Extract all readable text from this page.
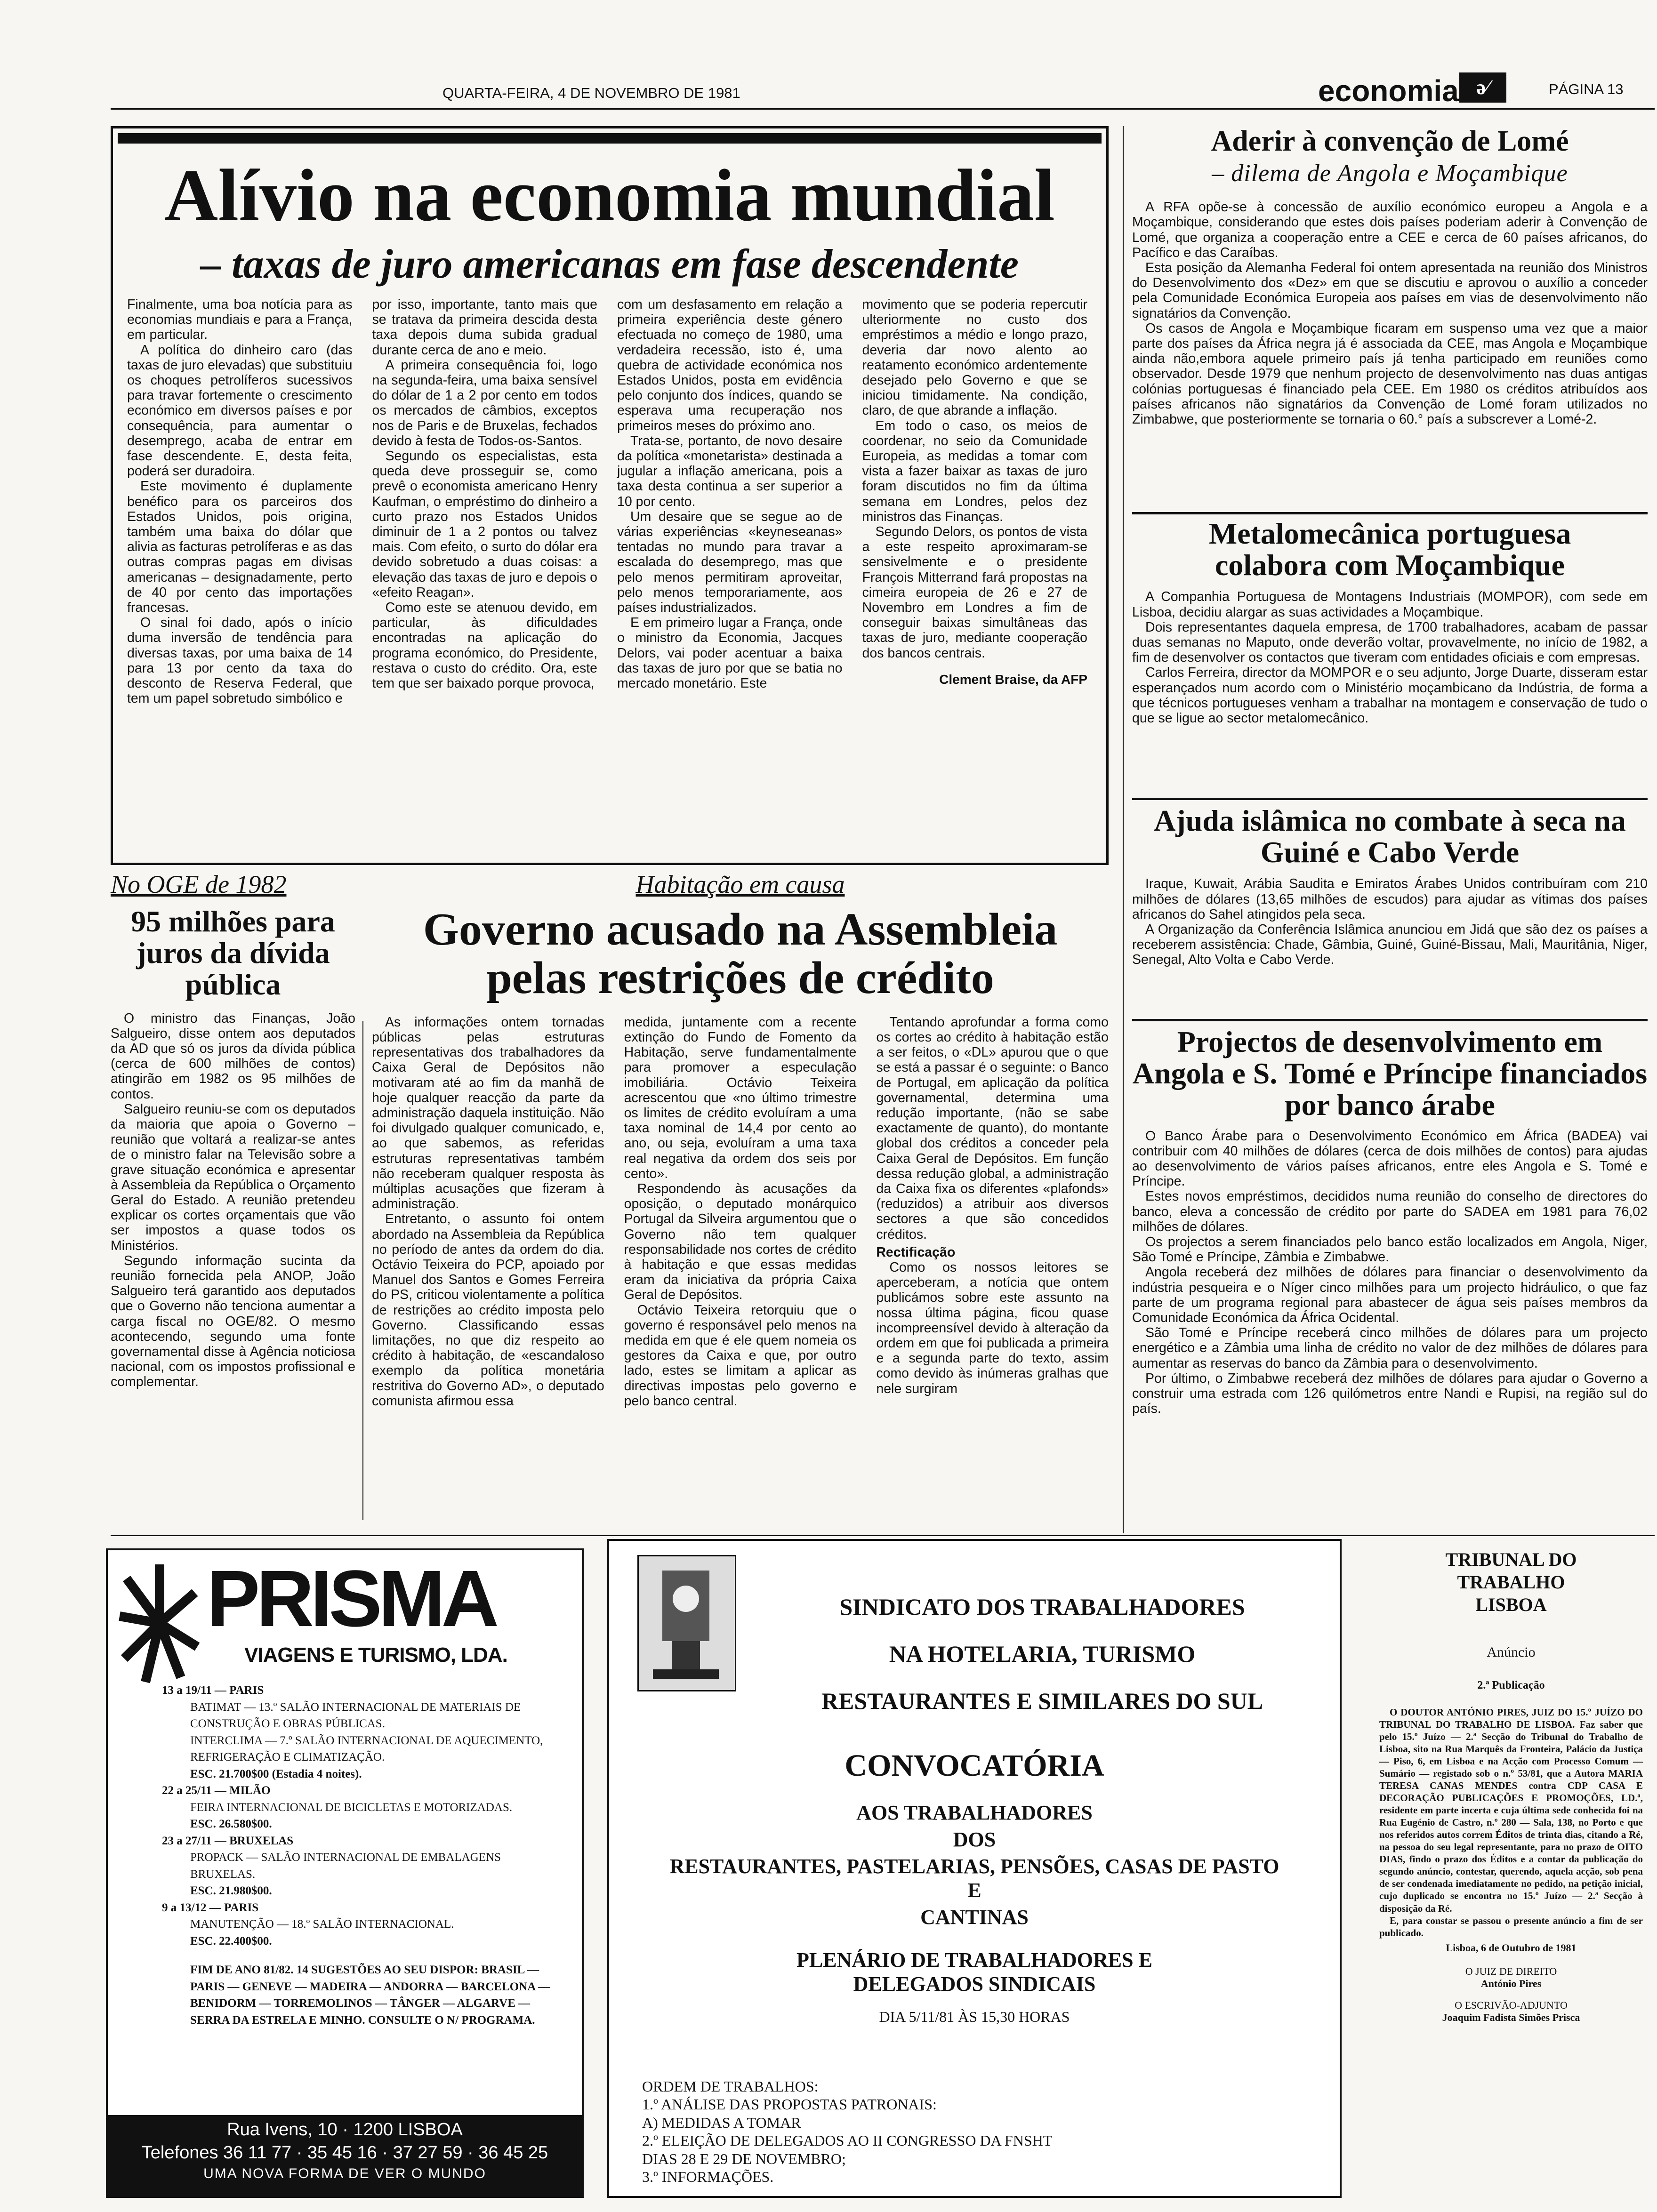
QUARTA-FEIRA, 4 DE NOVEMBRO DE 1981	economia ə⁄	PÁGINA 13
Alívio na economia mundial
– taxas de juro americanas em fase descendente

Finalmente, uma boa notícia para as economias mundiais e para a França, em particular.

A política do dinheiro caro (das taxas de juro elevadas) que substituiu os choques petrolíferos sucessivos para travar fortemente o crescimento económico em diversos países e por consequência, para aumentar o desemprego, acaba de entrar em fase descendente. E, desta feita, poderá ser duradoira.

Este movimento é duplamente benéfico para os parceiros dos Estados Unidos, pois origina, também uma baixa do dólar que alivia as facturas petrolíferas e as das outras compras pagas em divisas americanas – designadamente, perto de 40 por cento das importações francesas.

O sinal foi dado, após o início duma inversão de tendência para diversas taxas, por uma baixa de 14 para 13 por cento da taxa do desconto de Reserva Federal, que tem um papel sobretudo simbólico e

por isso, importante, tanto mais que se tratava da primeira descida desta taxa depois duma subida gradual durante cerca de ano e meio.

A primeira consequência foi, logo na segunda-feira, uma baixa sensível do dólar de 1 a 2 por cento em todos os mercados de câmbios, exceptos nos de Paris e de Bruxelas, fechados devido à festa de Todos-os-Santos.

Segundo os especialistas, esta queda deve prosseguir se, como prevê o economista americano Henry Kaufman, o empréstimo do dinheiro a curto prazo nos Estados Unidos diminuir de 1 a 2 pontos ou talvez mais. Com efeito, o surto do dólar era devido sobretudo a duas coisas: a elevação das taxas de juro e depois o «efeito Reagan».

Como este se atenuou devido, em particular, às dificuldades encontradas na aplicação do programa económico, do Presidente, restava o custo do crédito. Ora, este tem que ser baixado porque provoca,

com um desfasamento em relação a primeira experiência deste género efectuada no começo de 1980, uma verdadeira recessão, isto é, uma quebra de actividade económica nos Estados Unidos, posta em evidência pelo conjunto dos índices, quando se esperava uma recuperação nos primeiros meses do próximo ano.

Trata-se, portanto, de novo desaire da política «monetarista» destinada a jugular a inflação americana, pois a taxa desta continua a ser superior a 10 por cento.

Um desaire que se segue ao de várias experiências «keyneseanas» tentadas no mundo para travar a escalada do desemprego, mas que pelo menos permitiram aproveitar, pelo menos temporariamente, aos países industrializados.

E em primeiro lugar a França, onde o ministro da Economia, Jacques Delors, vai poder acentuar a baixa das taxas de juro por que se batia no mercado monetário. Este

movimento que se poderia repercutir ulteriormente no custo dos empréstimos a médio e longo prazo, deveria dar novo alento ao reatamento económico ardentemente desejado pelo Governo e que se iniciou timidamente. Na condição, claro, de que abrande a inflação.

Em todo o caso, os meios de coordenar, no seio da Comunidade Europeia, as medidas a tomar com vista a fazer baixar as taxas de juro foram discutidos no fim da última semana em Londres, pelos dez ministros das Finanças.

Segundo Delors, os pontos de vista a este respeito aproximaram-se sensivelmente e o presidente François Mitterrand fará propostas na cimeira europeia de 26 e 27 de Novembro em Londres a fim de conseguir baixas simultâneas das taxas de juro, mediante cooperação dos bancos centrais.

Clement Braise, da AFP

No OGE de 1982
95 milhões para juros da dívida pública

O ministro das Finanças, João Salgueiro, disse ontem aos deputados da AD que só os juros da dívida pública (cerca de 600 milhões de contos) atingirão em 1982 os 95 milhões de contos.

Salgueiro reuniu-se com os deputados da maioria que apoia o Governo – reunião que voltará a realizar-se antes de o ministro falar na Televisão sobre a grave situação económica e apresentar à Assembleia da República o Orçamento Geral do Estado. A reunião pretendeu explicar os cortes orçamentais que vão ser impostos a quase todos os Ministérios.

Segundo informação sucinta da reunião fornecida pela ANOP, João Salgueiro terá garantido aos deputados que o Governo não tenciona aumentar a carga fiscal no OGE/82. O mesmo acontecendo, segundo uma fonte governamental disse à Agência noticiosa nacional, com os impostos profissional e complementar.

Habitação em causa
Governo acusado na Assembleia pelas restrições de crédito

As informações ontem tornadas públicas pelas estruturas representativas dos trabalhadores da Caixa Geral de Depósitos não motivaram até ao fim da manhã de hoje qualquer reacção da parte da administração daquela instituição. Não foi divulgado qualquer comunicado, e, ao que sabemos, as referidas estruturas representativas também não receberam qualquer resposta às múltiplas acusações que fizeram à administração.

Entretanto, o assunto foi ontem abordado na Assembleia da República no período de antes da ordem do dia. Octávio Teixeira do PCP, apoiado por Manuel dos Santos e Gomes Ferreira do PS, criticou violentamente a política de restrições ao crédito imposta pelo Governo. Classificando essas limitações, no que diz respeito ao crédito à habitação, de «escandaloso exemplo da política monetária restritiva do Governo AD», o deputado comunista afirmou essa

medida, juntamente com a recente extinção do Fundo de Fomento da Habitação, serve fundamentalmente para promover a especulação imobiliária. Octávio Teixeira acrescentou que «no último trimestre os limites de crédito evoluíram a uma taxa nominal de 14,4 por cento ao ano, ou seja, evoluíram a uma taxa real negativa da ordem dos seis por cento».

Respondendo às acusações da oposição, o deputado monárquico Portugal da Silveira argumentou que o Governo não tem qualquer responsabilidade nos cortes de crédito à habitação e que essas medidas eram da iniciativa da própria Caixa Geral de Depósitos.

Octávio Teixeira retorquiu que o governo é responsável pelo menos na medida em que é ele quem nomeia os gestores da Caixa e que, por outro lado, estes se limitam a aplicar as directivas impostas pelo governo e pelo banco central.

Tentando aprofundar a forma como os cortes ao crédito à habitação estão a ser feitos, o «DL» apurou que o que se está a passar é o seguinte: o Banco de Portugal, em aplicação da política governamental, determina uma redução importante, (não se sabe exactamente de quanto), do montante global dos créditos a conceder pela Caixa Geral de Depósitos. Em função dessa redução global, a administração da Caixa fixa os diferentes «plafonds» (reduzidos) a atribuir aos diversos sectores a que são concedidos créditos.

Rectificação

Como os nossos leitores se aperceberam, a notícia que ontem publicámos sobre este assunto na nossa última página, ficou quase incompreensível devido à alteração da ordem em que foi publicada a primeira e a segunda parte do texto, assim como devido às inúmeras gralhas que nele surgiram

Aderir à convenção de Lomé
– dilema de Angola e Moçambique

A RFA opõe-se à concessão de auxílio económico europeu a Angola e a Moçambique, considerando que estes dois países poderiam aderir à Convenção de Lomé, que organiza a cooperação entre a CEE e cerca de 60 países africanos, do Pacífico e das Caraíbas.

Esta posição da Alemanha Federal foi ontem apresentada na reunião dos Ministros do Desenvolvimento dos «Dez» em que se discutiu e aprovou o auxílio a conceder pela Comunidade Económica Europeia aos países em vias de desenvolvimento não signatários da Convenção.

Os casos de Angola e Moçambique ficaram em suspenso uma vez que a maior parte dos países da África negra já é associada da CEE, mas Angola e Moçambique ainda não,embora aquele primeiro país já tenha participado em reuniões como observador. Desde 1979 que nenhum projecto de desenvolvimento nas duas antigas colónias portuguesas é financiado pela CEE. Em 1980 os créditos atribuídos aos países africanos não signatários da Convenção de Lomé foram utilizados no Zimbabwe, que posteriormente se tornaria o 60.° país a subscrever a Lomé-2.

Metalomecânica portuguesa colabora com Moçambique

A Companhia Portuguesa de Montagens Industriais (MOMPOR), com sede em Lisboa, decidiu alargar as suas actividades a Moçambique.

Dois representantes daquela empresa, de 1700 trabalhadores, acabam de passar duas semanas no Maputo, onde deverão voltar, provavelmente, no início de 1982, a fim de desenvolver os contactos que tiveram com entidades oficiais e com empresas.

Carlos Ferreira, director da MOMPOR e o seu adjunto, Jorge Duarte, disseram estar esperançados num acordo com o Ministério moçambicano da Indústria, de forma a que técnicos portugueses venham a trabalhar na montagem e conservação de tudo o que se ligue ao sector metalomecânico.

Ajuda islâmica no combate à seca na Guiné e Cabo Verde

Iraque, Kuwait, Arábia Saudita e Emiratos Árabes Unidos contribuíram com 210 milhões de dólares (13,65 milhões de escudos) para ajudar as vítimas dos países africanos do Sahel atingidos pela seca.

A Organização da Conferência Islâmica anunciou em Jidá que são dez os países a receberem assistência: Chade, Gâmbia, Guiné, Guiné-Bissau, Mali, Mauritânia, Niger, Senegal, Alto Volta e Cabo Verde.

Projectos de desenvolvimento em Angola e S. Tomé e Príncipe financiados por banco árabe

O Banco Árabe para o Desenvolvimento Económico em África (BADEA) vai contribuir com 40 milhões de dólares (cerca de dois milhões de contos) para ajudas ao desenvolvimento de vários países africanos, entre eles Angola e S. Tomé e Príncipe.

Estes novos empréstimos, decididos numa reunião do conselho de directores do banco, eleva a concessão de crédito por parte do SADEA em 1981 para 76,02 milhões de dólares.

Os projectos a serem financiados pelo banco estão localizados em Angola, Niger, São Tomé e Príncipe, Zâmbia e Zimbabwe.

Angola receberá dez milhões de dólares para financiar o desenvolvimento da indústria pesqueira e o Níger cinco milhões para um projecto hidráulico, o que faz parte de um programa regional para abastecer de água seis países membros da Comunidade Económica da África Ocidental.

São Tomé e Príncipe receberá cinco milhões de dólares para um projecto energético e a Zâmbia uma linha de crédito no valor de dez milhões de dólares para aumentar as reservas do banco da Zâmbia para o desenvolvimento.

Por último, o Zimbabwe receberá dez milhões de dólares para ajudar o Governo a construir uma estrada com 126 quilómetros entre Nandi e Rupisi, na região sul do país.

PRISMA
VIAGENS E TURISMO, LDA.
13 a 19/11 — PARIS
BATIMAT — 13.º SALÃO INTERNACIONAL DE MATERIAIS DE CONSTRUÇÃO E OBRAS PÚBLICAS.
INTERCLIMA — 7.º SALÃO INTERNACIONAL DE AQUECIMENTO, REFRIGERAÇÃO E CLIMATIZAÇÃO.
ESC. 21.700$00 (Estadia 4 noites).
22 a 25/11 — MILÃO
FEIRA INTERNACIONAL DE BICICLETAS E MOTORIZADAS.
ESC. 26.580$00.
23 a 27/11 — BRUXELAS
PROPACK — SALÃO INTERNACIONAL DE EMBALAGENS BRUXELAS.
ESC. 21.980$00.
9 a 13/12 — PARIS
MANUTENÇÃO — 18.º SALÃO INTERNACIONAL.
ESC. 22.400$00.
FIM DE ANO 81/82. 14 SUGESTÕES AO SEU DISPOR: BRASIL — PARIS — GENEVE — MADEIRA — ANDORRA — BARCELONA — BENIDORM — TORREMOLINOS — TÂNGER — ALGARVE — SERRA DA ESTRELA E MINHO. CONSULTE O N/ PROGRAMA.
Rua Ivens, 10 · 1200 LISBOA
Telefones 36 11 77 · 35 45 16 · 37 27 59 · 36 45 25
UMA NOVA FORMA DE VER O MUNDO
SINDICATO DOS TRABALHADORES
NA HOTELARIA, TURISMO
RESTAURANTES E SIMILARES DO SUL
CONVOCATÓRIA
AOS TRABALHADORES
DOS
RESTAURANTES, PASTELARIAS, PENSÕES, CASAS DE PASTO
E
CANTINAS
PLENÁRIO DE TRABALHADORES E DELEGADOS SINDICAIS
DIA 5/11/81 ÀS 15,30 HORAS
ORDEM DE TRABALHOS:
1.º ANÁLISE DAS PROPOSTAS PATRONAIS:
A) MEDIDAS A TOMAR
2.º ELEIÇÃO DE DELEGADOS AO II CONGRESSO DA FNSHT
DIAS 28 E 29 DE NOVEMBRO;
3.º INFORMAÇÕES.
TRIBUNAL DO TRABALHO LISBOA
Anúncio
2.ª Publicação
O DOUTOR ANTÓNIO PIRES, JUIZ DO 15.º JUÍZO DO TRIBUNAL DO TRABALHO DE LISBOA. Faz saber que pelo 15.º Juízo — 2.ª Secção do Tribunal do Trabalho de Lisboa, sito na Rua Marquês da Fronteira, Palácio da Justiça — Piso, 6, em Lisboa e na Acção com Processo Comum — Sumário — registado sob o n.º 53/81, que a Autora MARIA TERESA CANAS MENDES contra CDP CASA E DECORAÇÃO PUBLICAÇÕES E PROMOÇÕES, LD.ª, residente em parte incerta e cuja última sede conhecida foi na Rua Eugénio de Castro, n.º 280 — Sala, 138, no Porto e que nos referidos autos correm Éditos de trinta dias, citando a Ré, na pessoa do seu legal representante, para no prazo de OITO DIAS, findo o prazo dos Éditos e a contar da publicação do segundo anúncio, contestar, querendo, aquela acção, sob pena de ser condenada imediatamente no pedido, na petição inicial, cujo duplicado se encontra no 15.º Juízo — 2.ª Secção à disposição da Ré.
E, para constar se passou o presente anúncio a fim de ser publicado.
Lisboa, 6 de Outubro de 1981
O JUIZ DE DIREITO
António Pires
O ESCRIVÃO-ADJUNTO
Joaquim Fadista Simões Prisca
